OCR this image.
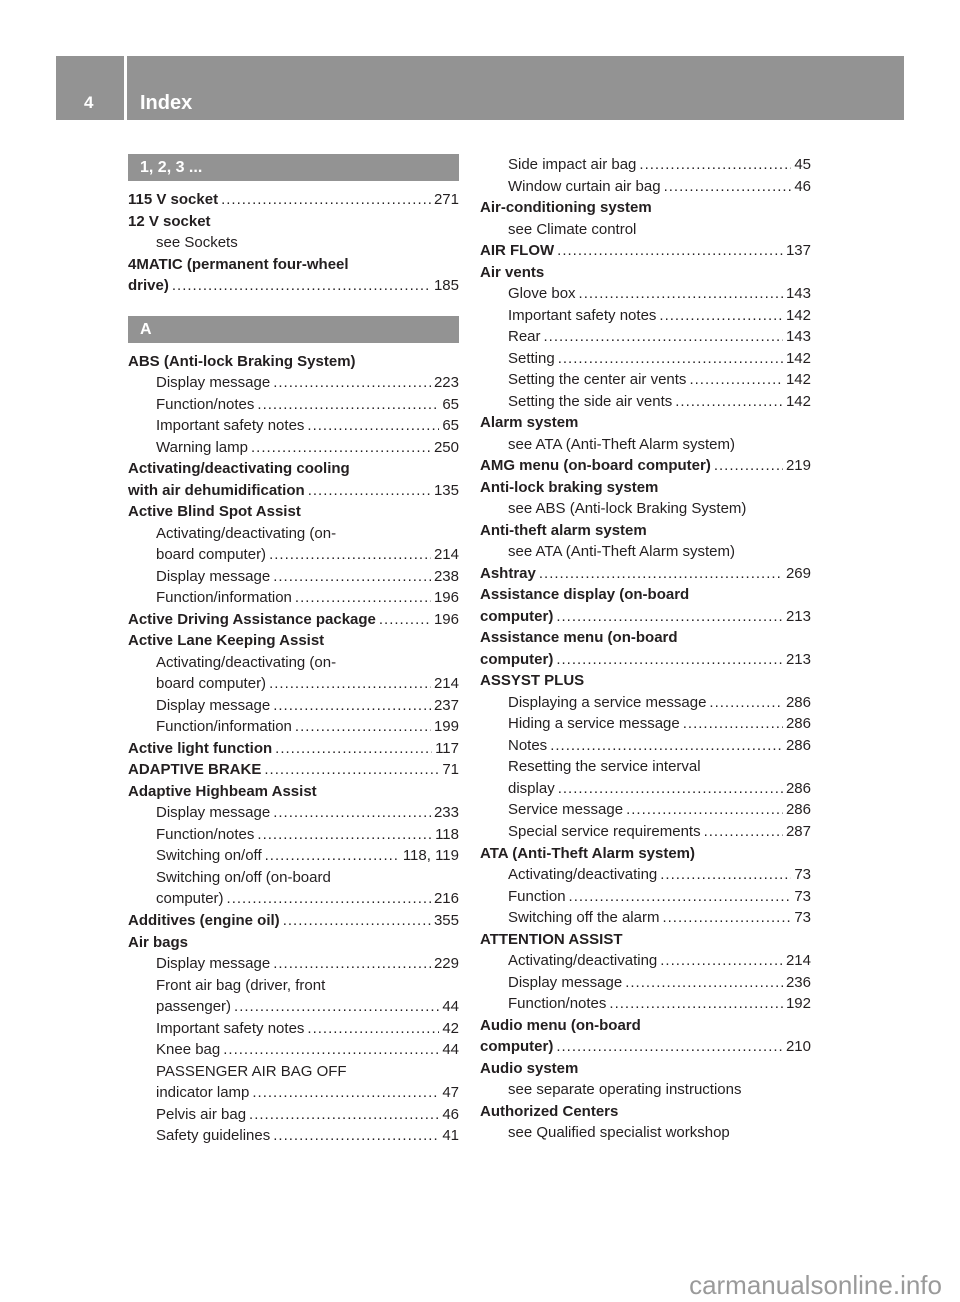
4 Index
1, 2, 3 ...
115 V socket .....	271
12 V socket
see Sockets
4MATIC (permanent four-wheel
drive) .....	185
A
ABS (Anti-lock Braking System)
Display message .....	223
Function/notes .....	65
Important safety notes .....	65
Warning lamp .....	250
Activating/deactivating cooling
with air dehumidification .....	135
Active Blind Spot Assist
Activating/deactivating (on-
board computer) .....	214
Display message .....	238
Function/information .....	196
Active Driving Assistance package .....	196
Active Lane Keeping Assist
Activating/deactivating (on-
board computer) .....	214
Display message .....	237
Function/information .....	199
Active light function .....	117
ADAPTIVE BRAKE .....	71
Adaptive Highbeam Assist
Display message .....	233
Function/notes .....	118
Switching on/off .....	118, 119
Switching on/off (on-board
computer) .....	216
Additives (engine oil) .....	355
Air bags
Display message .....	229
Front air bag (driver, front
passenger) .....	44
Important safety notes .....	42
Knee bag .....	44
PASSENGER AIR BAG OFF
indicator lamp .....	47
Pelvis air bag .....	46
Safety guidelines .....	41
Side impact air bag .....	45
Window curtain air bag .....	46
Air-conditioning system
see Climate control
AIR FLOW .....	137
Air vents
Glove box .....	143
Important safety notes .....	142
Rear .....	143
Setting .....	142
Setting the center air vents .....	142
Setting the side air vents .....	142
Alarm system
see ATA (Anti-Theft Alarm system)
AMG menu (on-board computer) .....	219
Anti-lock braking system
see ABS (Anti-lock Braking System)
Anti-theft alarm system
see ATA (Anti-Theft Alarm system)
Ashtray .....	269
Assistance display (on-board
computer) .....	213
Assistance menu (on-board
computer) .....	213
ASSYST PLUS
Displaying a service message .....	286
Hiding a service message .....	286
Notes .....	286
Resetting the service interval
display .....	286
Service message .....	286
Special service requirements .....	287
ATA (Anti-Theft Alarm system)
Activating/deactivating .....	73
Function .....	73
Switching off the alarm .....	73
ATTENTION ASSIST
Activating/deactivating .....	214
Display message .....	236
Function/notes .....	192
Audio menu (on-board
computer) .....	210
Audio system
see separate operating instructions
Authorized Centers
see Qualified specialist workshop
carmanualsonline.info
